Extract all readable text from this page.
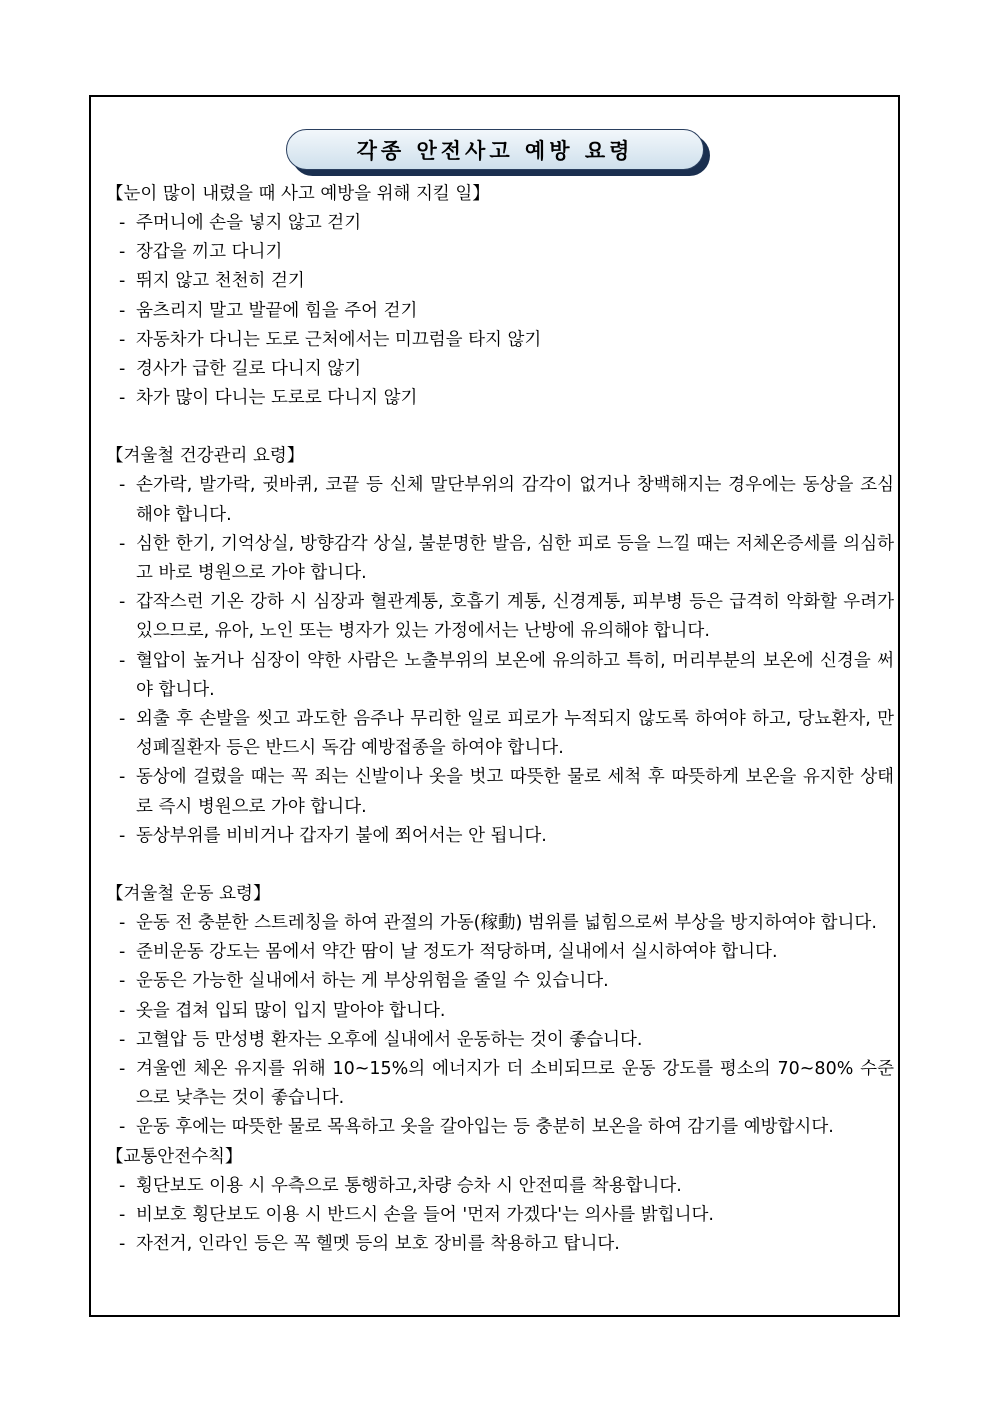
각종 안전사고 예방 요령
【눈이 많이 내렸을 때 사고 예방을 위해 지킬 일】
- 주머니에 손을 넣지 않고 걷기
- 장갑을 끼고 다니기
- 뛰지 않고 천천히 걷기
- 움츠리지 말고 발끝에 힘을 주어 걷기
- 자동차가 다니는 도로 근처에서는 미끄럼을 타지 않기
- 경사가 급한 길로 다니지 않기
- 차가 많이 다니는 도로로 다니지 않기
【겨울철 건강관리 요령】
- 손가락, 발가락, 귓바퀴, 코끝 등 신체 말단부위의 감각이 없거나 창백해지는 경우에는 동상을 조심해야 합니다.
- 심한 한기, 기억상실, 방향감각 상실, 불분명한 발음, 심한 피로 등을 느낄 때는 저체온증세를 의심하고 바로 병원으로 가야 합니다.
- 갑작스런 기온 강하 시 심장과 혈관계통, 호흡기 계통, 신경계통, 피부병 등은 급격히 악화할 우려가 있으므로, 유아, 노인 또는 병자가 있는 가정에서는 난방에 유의해야 합니다.
- 혈압이 높거나 심장이 약한 사람은 노출부위의 보온에 유의하고 특히, 머리부분의 보온에 신경을 써야 합니다.
- 외출 후 손발을 씻고 과도한 음주나 무리한 일로 피로가 누적되지 않도록 하여야 하고, 당뇨환자, 만성폐질환자 등은 반드시 독감 예방접종을 하여야 합니다.
- 동상에 걸렸을 때는 꼭 죄는 신발이나 옷을 벗고 따뜻한 물로 세척 후 따뜻하게 보온을 유지한 상태로 즉시 병원으로 가야 합니다.
- 동상부위를 비비거나 갑자기 불에 쬐어서는 안 됩니다.
【겨울철 운동 요령】
- 운동 전 충분한 스트레칭을 하여 관절의 가동(稼動) 범위를 넓힘으로써 부상을 방지하여야 합니다.
- 준비운동 강도는 몸에서 약간 땀이 날 정도가 적당하며, 실내에서 실시하여야 합니다.
- 운동은 가능한 실내에서 하는 게 부상위험을 줄일 수 있습니다.
- 옷을 겹쳐 입되 많이 입지 말아야 합니다.
- 고혈압 등 만성병 환자는 오후에 실내에서 운동하는 것이 좋습니다.
- 겨울엔 체온 유지를 위해 10~15%의 에너지가 더 소비되므로 운동 강도를 평소의 70~80% 수준으로 낮추는 것이 좋습니다.
- 운동 후에는 따뜻한 물로 목욕하고 옷을 갈아입는 등 충분히 보온을 하여 감기를 예방합시다.
【교통안전수칙】
- 횡단보도 이용 시 우측으로 통행하고,차량 승차 시 안전띠를 착용합니다.
- 비보호 횡단보도 이용 시 반드시 손을 들어 '먼저 가겠다'는 의사를 밝힙니다.
- 자전거, 인라인 등은 꼭 헬멧 등의 보호 장비를 착용하고 탑니다.
